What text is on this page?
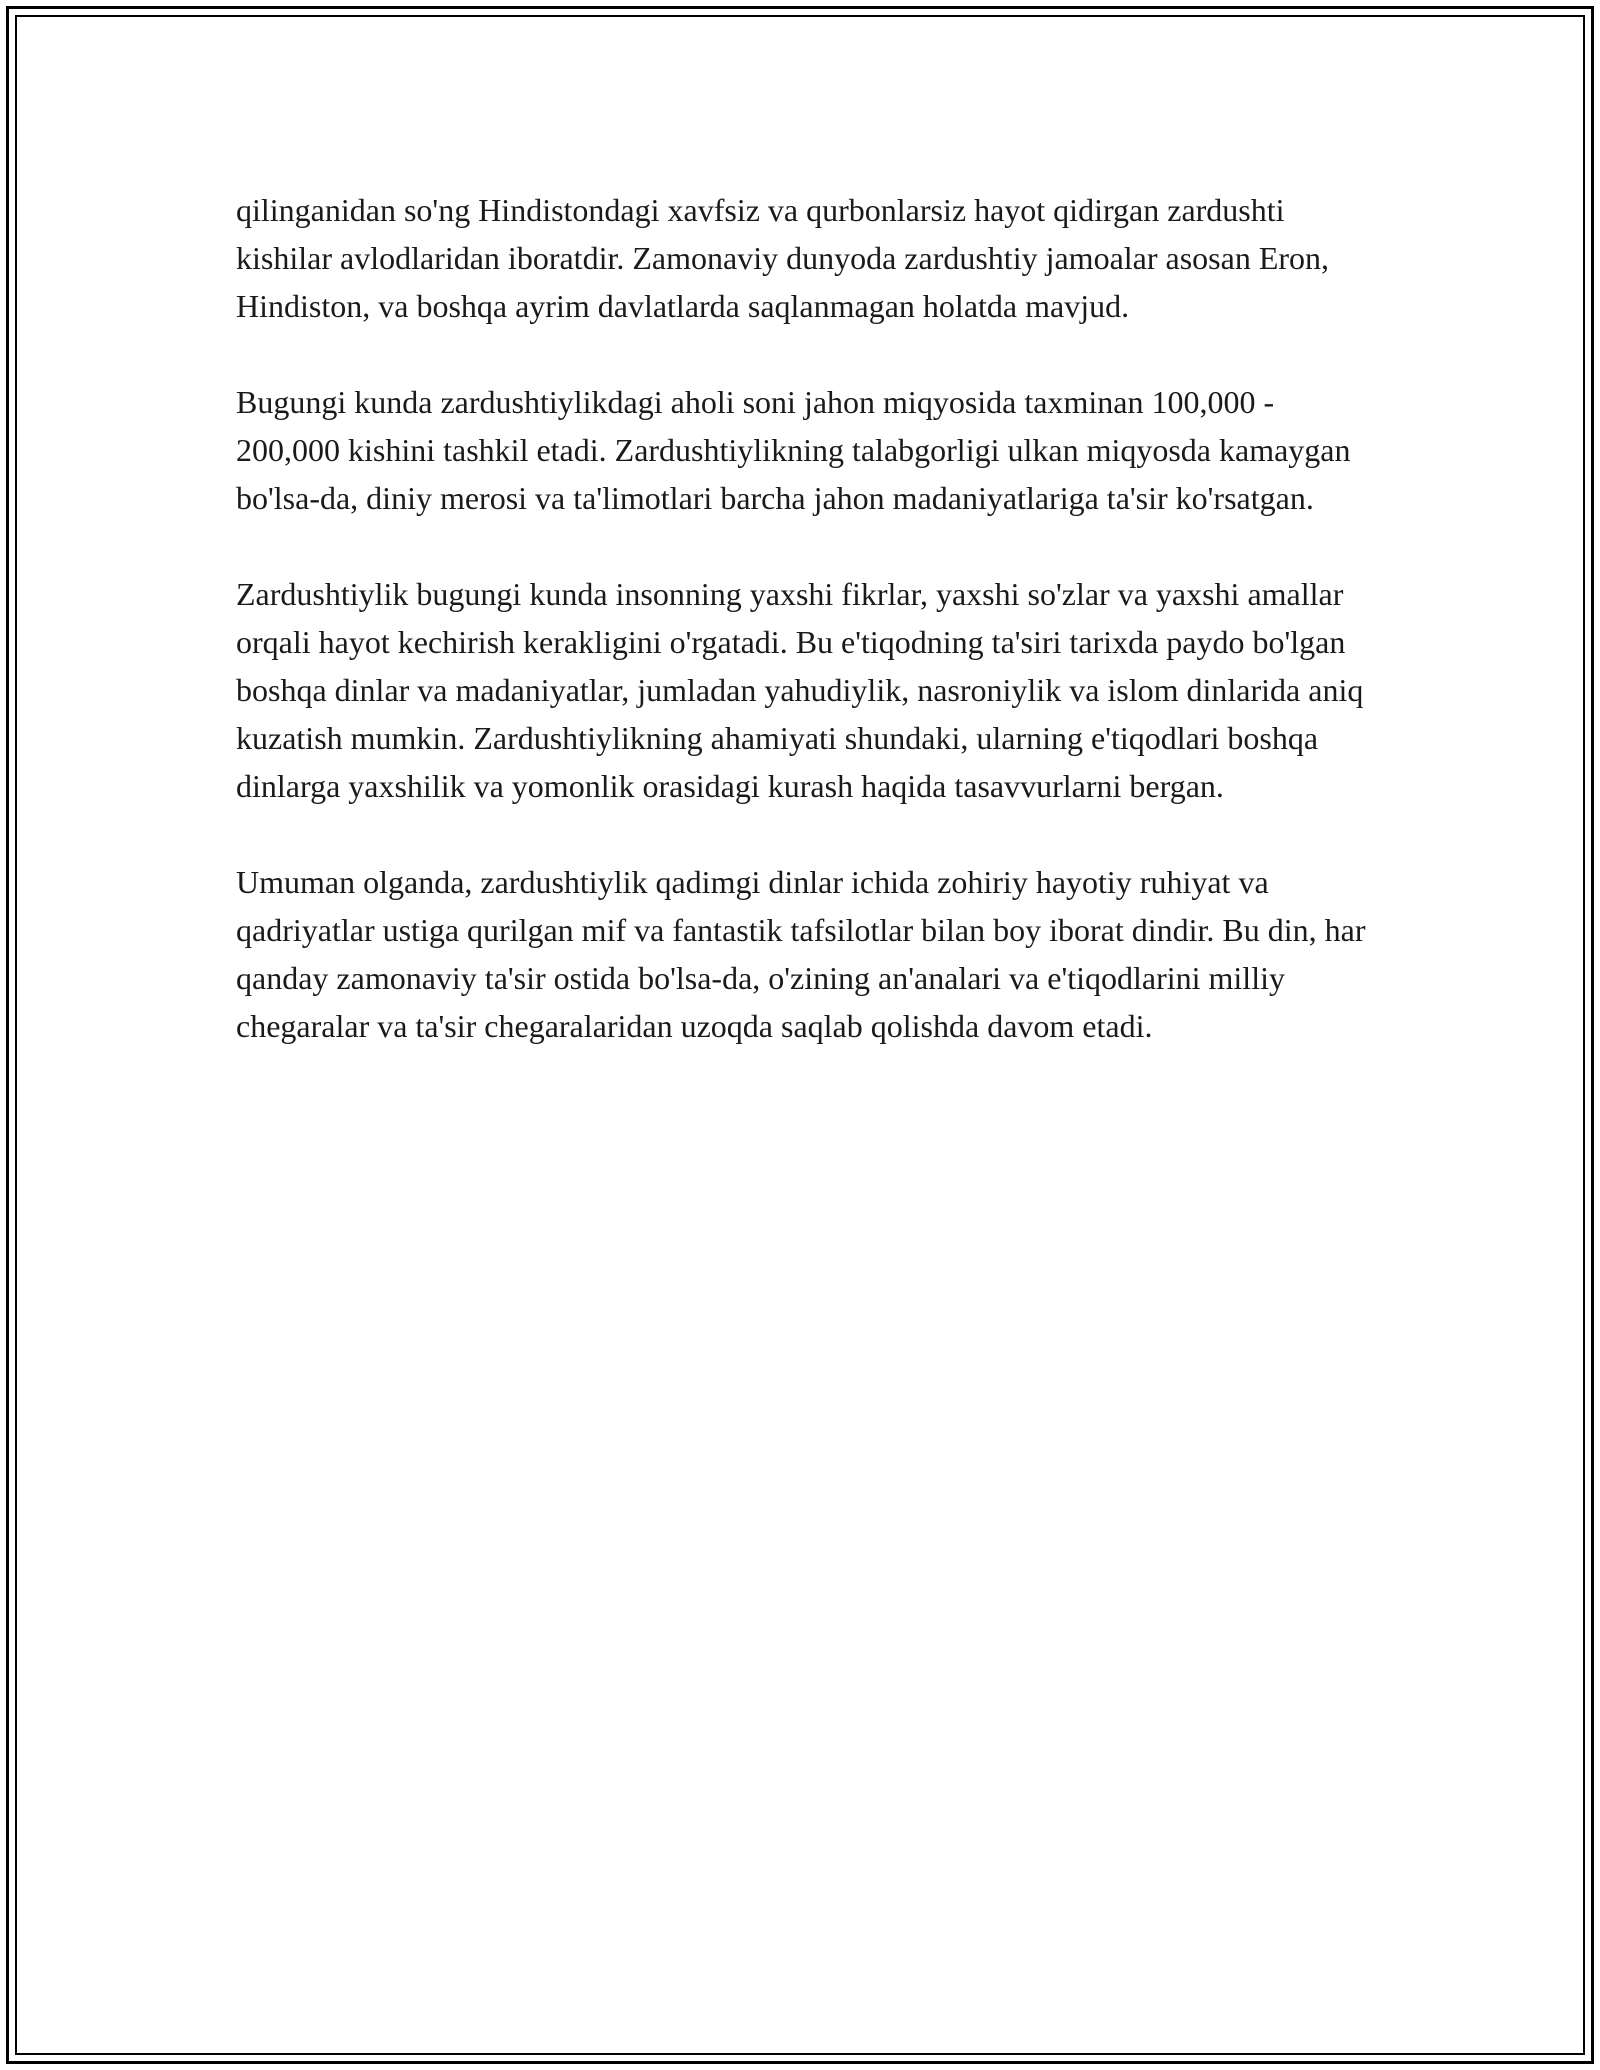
qilinganidan so'ng Hindistondagi xavfsiz va qurbonlarsiz hayot qidirgan zardushti kishilar avlodlaridan iboratdir. Zamonaviy dunyoda zardushtiy jamoalar asosan Eron, Hindiston, va boshqa ayrim davlatlarda saqlanmagan holatda mavjud.

Bugungi kunda zardushtiylikdagi aholi soni jahon miqyosida taxminan 100,000 - 200,000 kishini tashkil etadi. Zardushtiylikning talabgorligi ulkan miqyosda kamaygan bo'lsa-da, diniy merosi va ta'limotlari barcha jahon madaniyatlariga ta'sir ko'rsatgan.

Zardushtiylik bugungi kunda insonning yaxshi fikrlar, yaxshi so'zlar va yaxshi amallar orqali hayot kechirish kerakligini o'rgatadi. Bu e'tiqodning ta'siri tarixda paydo bo'lgan boshqa dinlar va madaniyatlar, jumladan yahudiylik, nasroniylik va islom dinlarida aniq kuzatish mumkin. Zardushtiylikning ahamiyati shundaki, ularning e'tiqodlari boshqa dinlarga yaxshilik va yomonlik orasidagi kurash haqida tasavvurlarni bergan.

Umuman olganda, zardushtiylik qadimgi dinlar ichida zohiriy hayotiy ruhiyat va qadriyatlar ustiga qurilgan mif va fantastik tafsilotlar bilan boy iborat dindir. Bu din, har qanday zamonaviy ta'sir ostida bo'lsa-da, o'zining an'analari va e'tiqodlarini milliy chegaralar va ta'sir chegaralaridan uzoqda saqlab qolishda davom etadi.
